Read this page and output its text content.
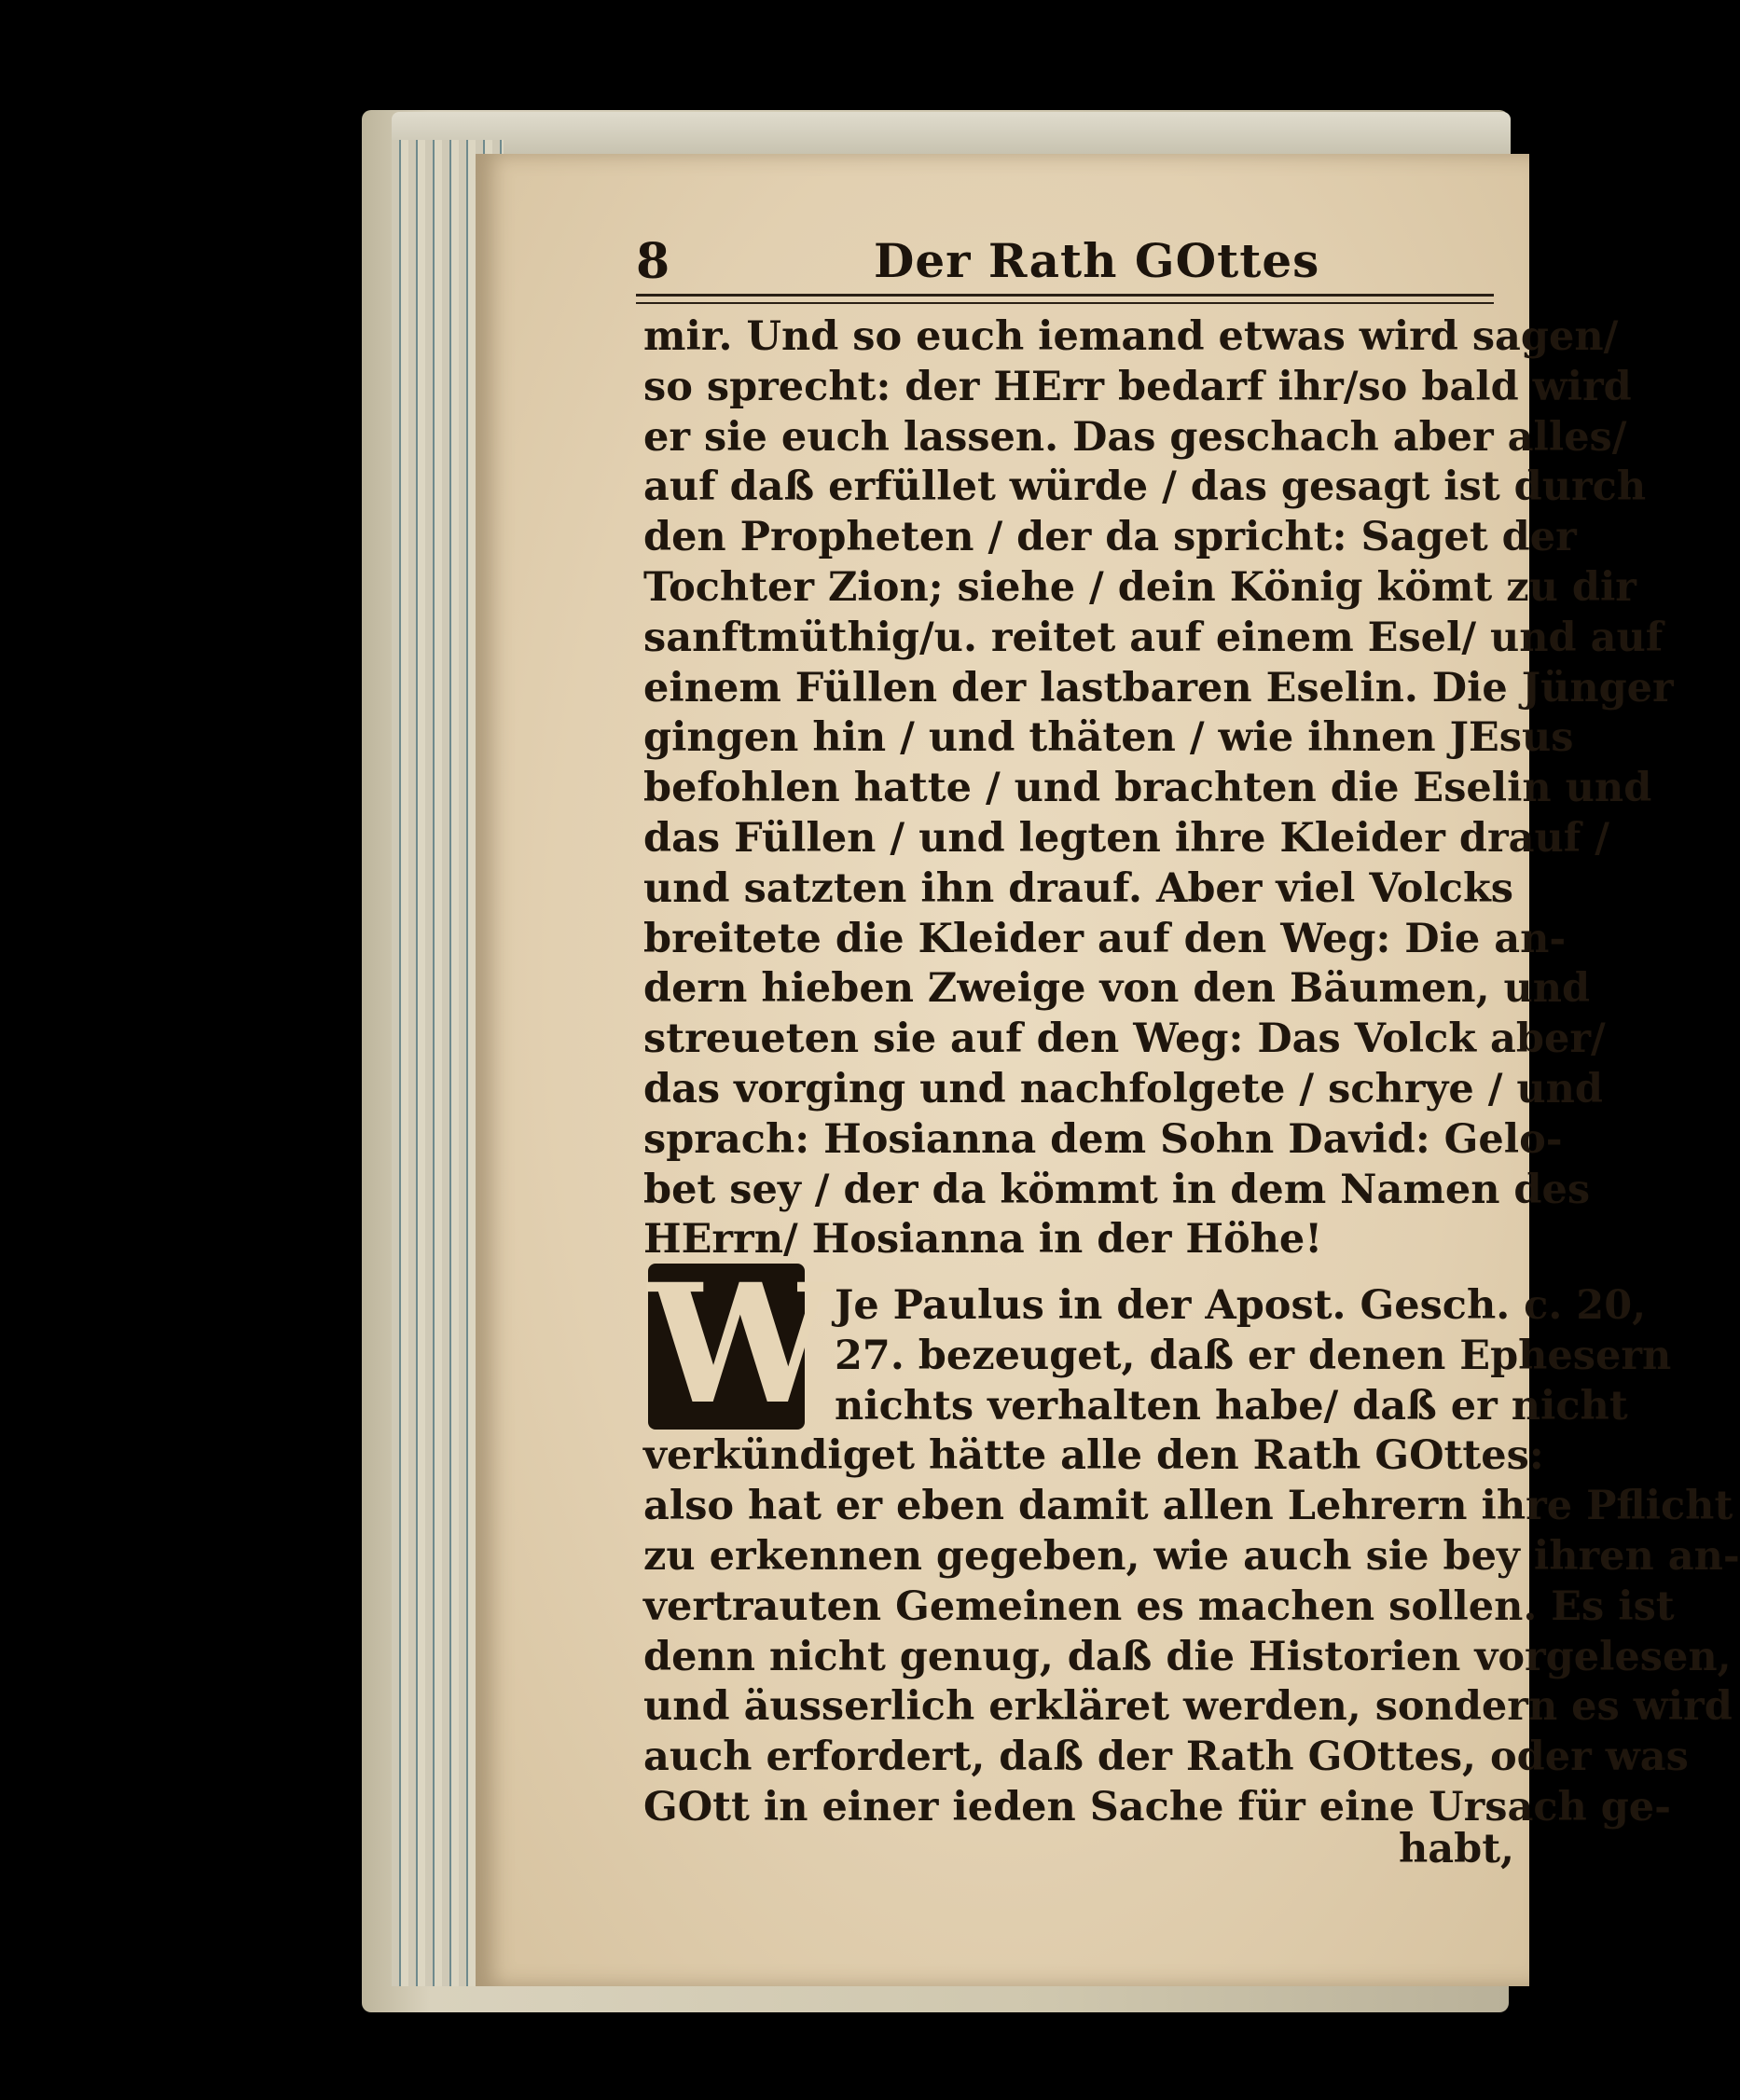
8	Der Rath GOttes
mir. Und so euch iemand etwas wird sagen/
so sprecht: der HErr bedarf ihr/so bald wird
er sie euch lassen. Das geschach aber alles/
auf daß erfüllet würde / das gesagt ist durch
den Propheten / der da spricht: Saget der
Tochter Zion; siehe / dein König kömt zu dir
sanftmüthig/u. reitet auf einem Esel/ und auf
einem Füllen der lastbaren Eselin. Die Jünger
gingen hin / und thäten / wie ihnen JEsus
befohlen hatte / und brachten die Eselin und
das Füllen / und legten ihre Kleider drauf /
und satzten ihn drauf. Aber viel Volcks
breitete die Kleider auf den Weg: Die an-
dern hieben Zweige von den Bäumen, und
streueten sie auf den Weg: Das Volck aber/
das vorging und nachfolgete / schrye / und
sprach: Hosianna dem Sohn David: Gelo-
bet sey / der da kömmt in dem Namen des
HErrn/ Hosianna in der Höhe!
W Je Paulus in der Apost. Gesch. c. 20,
27. bezeuget, daß er denen Ephesern
nichts verhalten habe/ daß er nicht
verkündiget hätte alle den Rath GOttes:
also hat er eben damit allen Lehrern ihre Pflicht
zu erkennen gegeben, wie auch sie bey ihren an-
vertrauten Gemeinen es machen sollen. Es ist
denn nicht genug, daß die Historien vorgelesen,
und äusserlich erkläret werden, sondern es wird
auch erfordert, daß der Rath GOttes, oder was
GOtt in einer ieden Sache für eine Ursach ge-
habt,
